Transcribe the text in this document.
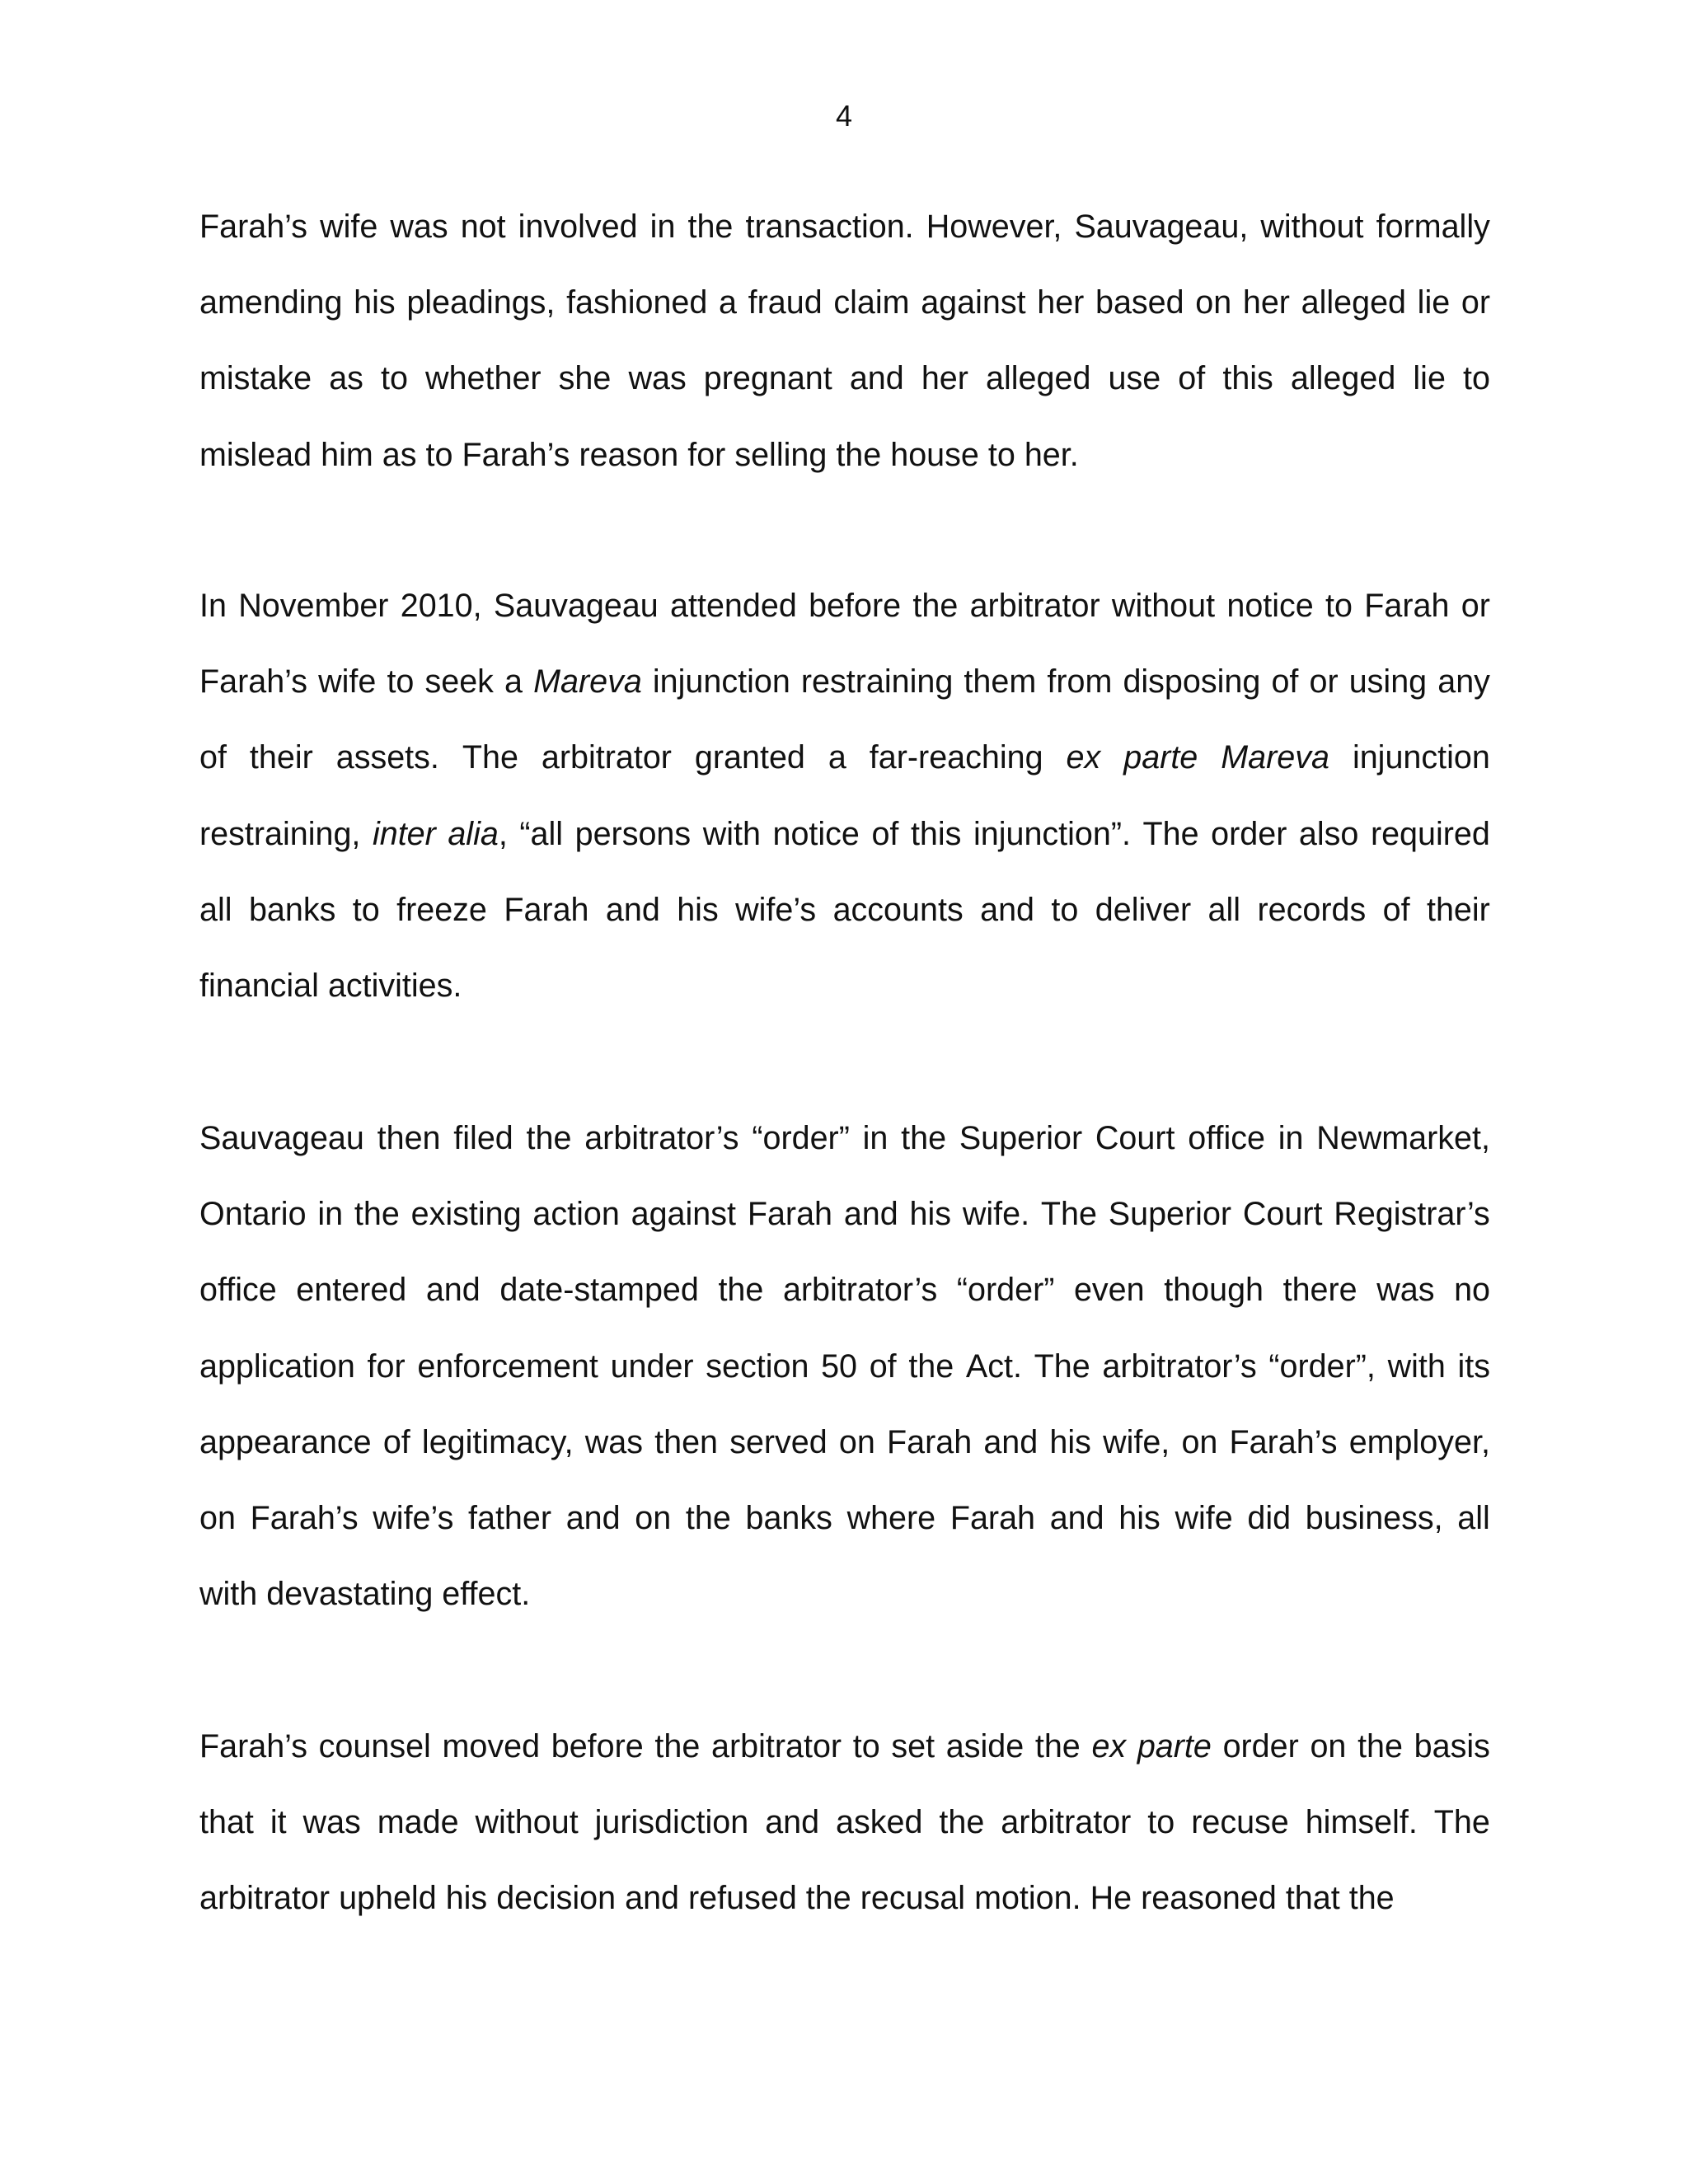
4
Farah’s wife was not involved in the transaction. However, Sauvageau, without formally
amending his pleadings, fashioned a fraud claim against her based on her alleged lie or
mistake as to whether she was pregnant and her alleged use of this alleged lie to
mislead him as to Farah’s reason for selling the house to her.
In November 2010, Sauvageau attended before the arbitrator without notice to Farah or
Farah’s wife to seek a Mareva injunction restraining them from disposing of or using any
of their assets. The arbitrator granted a far-reaching ex parte Mareva injunction
restraining, inter alia, “all persons with notice of this injunction”. The order also required
all banks to freeze Farah and his wife’s accounts and to deliver all records of their
financial activities.
Sauvageau then filed the arbitrator’s “order” in the Superior Court office in Newmarket,
Ontario in the existing action against Farah and his wife. The Superior Court Registrar’s
office entered and date-stamped the arbitrator’s “order” even though there was no
application for enforcement under section 50 of the Act. The arbitrator’s “order”, with its
appearance of legitimacy, was then served on Farah and his wife, on Farah’s employer,
on Farah’s wife’s father and on the banks where Farah and his wife did business, all
with devastating effect.
Farah’s counsel moved before the arbitrator to set aside the ex parte order on the basis
that it was made without jurisdiction and asked the arbitrator to recuse himself. The
arbitrator upheld his decision and refused the recusal motion. He reasoned that the
